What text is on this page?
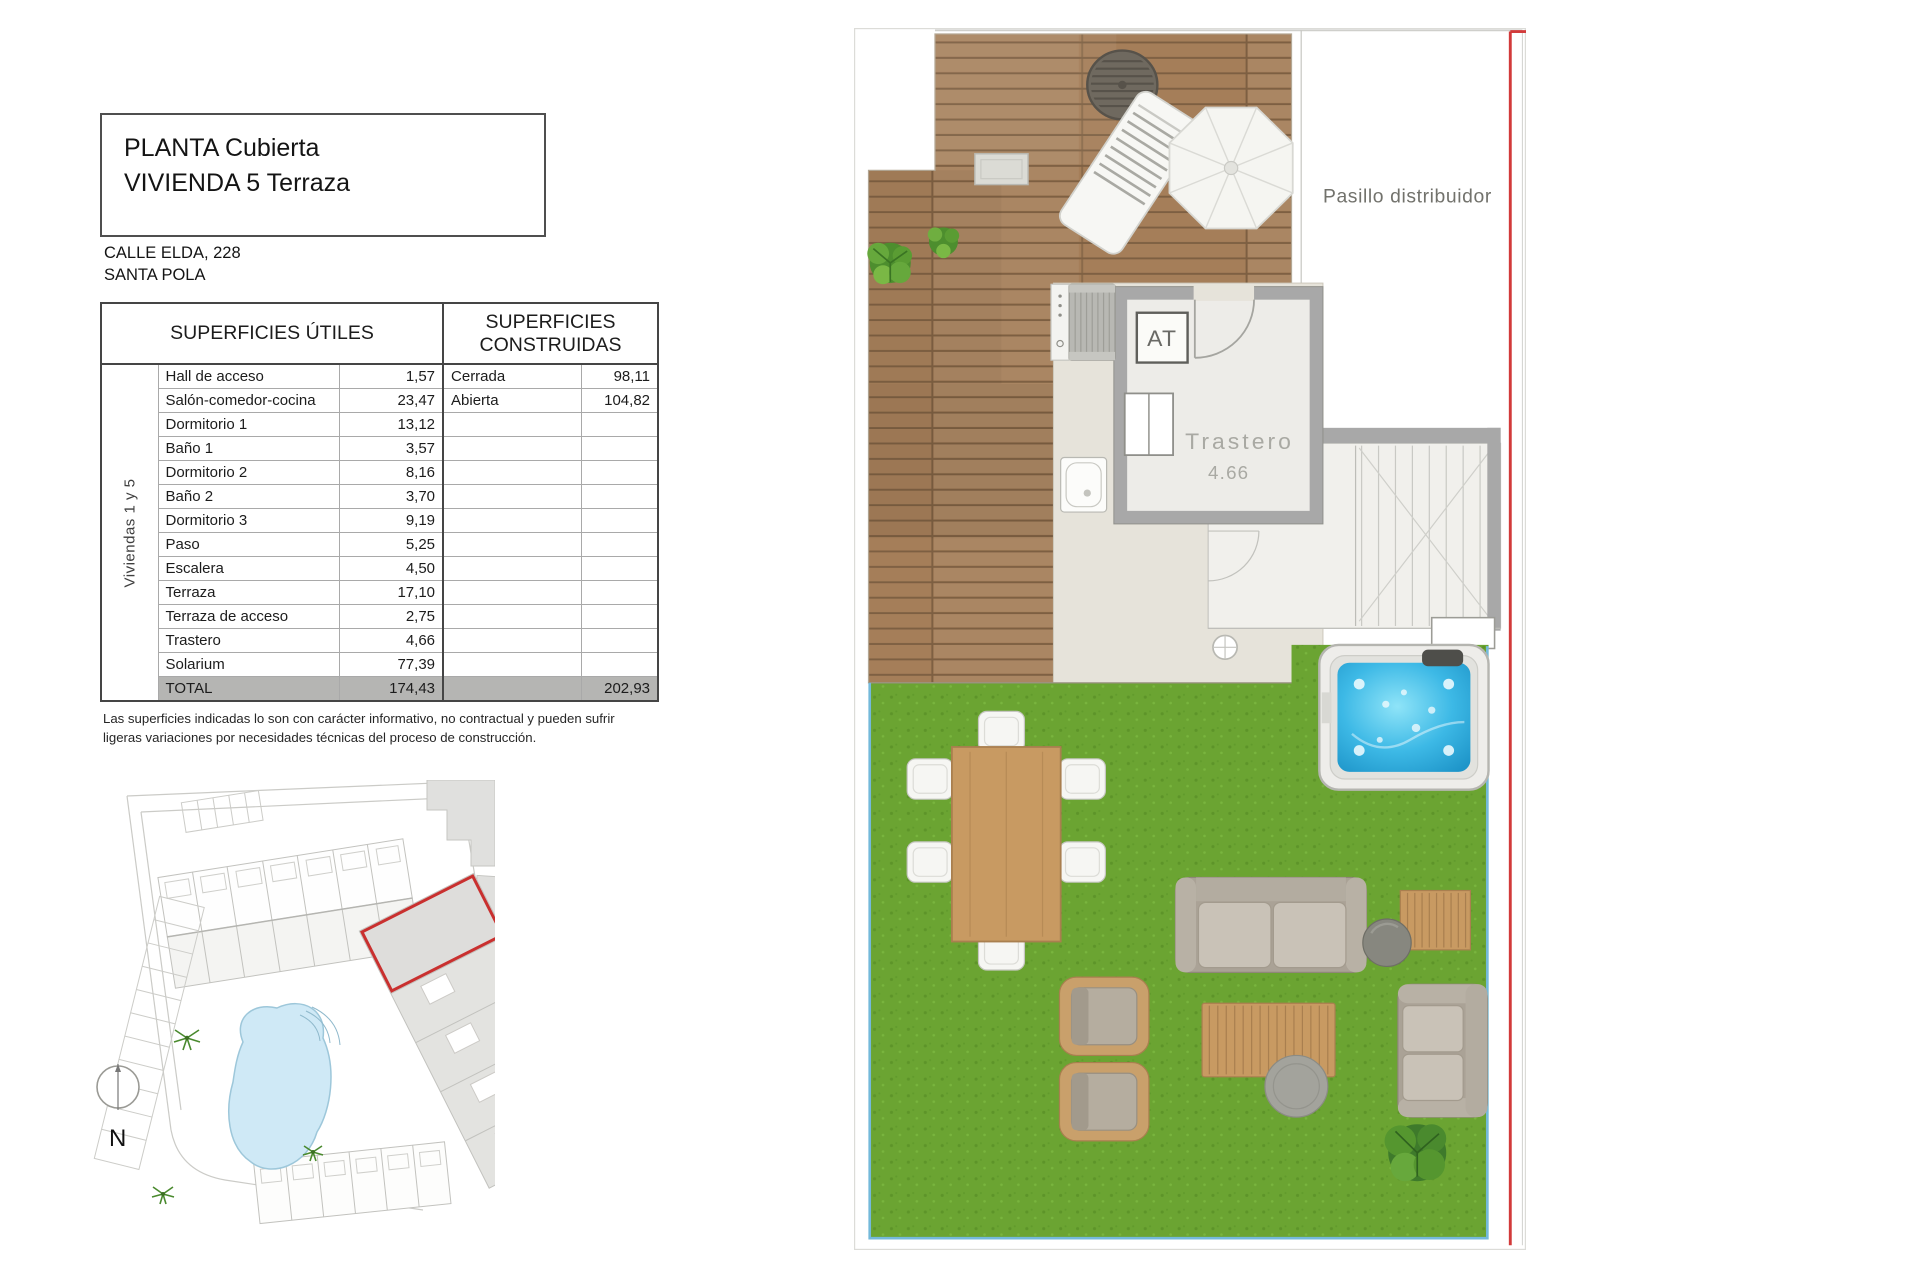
PLANTA Cubierta
VIVIENDA 5 Terraza
CALLE ELDA, 228
SANTA POLA
SUPERFICIES ÚTILES			SUPERFICIES CONSTRUIDAS	

Viviendas 1 y 5	Hall de acceso	1,57	Cerrada	98,11
	Salón-comedor-cocina	23,47	Abierta	104,82
	Dormitorio 1	13,12		
	Baño 1	3,57		
	Dormitorio 2	8,16		
	Baño 2	3,70		
	Dormitorio 3	9,19		
	Paso	5,25		
	Escalera	4,50		
	Terraza	17,10		
	Terraza de acceso	2,75		
	Trastero	4,66		
	Solarium	77,39		
	TOTAL	174,43		202,93
Las superficies indicadas lo son con carácter informativo, no contractual y pueden sufrir
ligeras variaciones por necesidades técnicas del proceso de construcción.
N
AT
Trastero
4.66
Pasillo distribuidor
